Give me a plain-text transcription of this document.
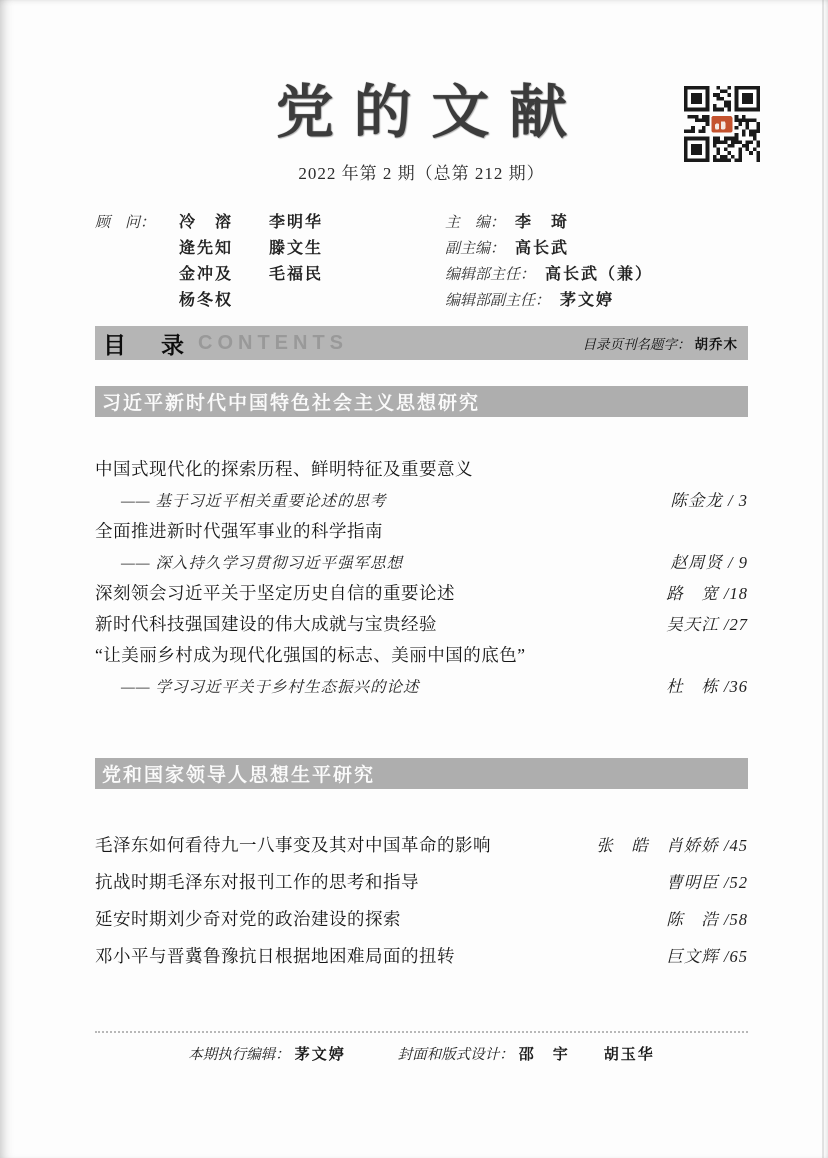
党的文献
2022 年第 2 期（总第 212 期）
顾　问：	冷　溶	李明华
逄先知	滕文生
金冲及	毛福民
杨冬权
主　编： 李　琦
副主编： 高长武
编辑部主任： 高长武（兼）
编辑部副主任： 茅文婷
目　录 CONTENTS	目录页刊名题字： 胡乔木
习近平新时代中国特色社会主义思想研究
中国式现代化的探索历程、鲜明特征及重要意义
—— 基于习近平相关重要论述的思考	陈金龙 / 3
全面推进新时代强军事业的科学指南
—— 深入持久学习贯彻习近平强军思想	赵周贤 / 9
深刻领会习近平关于坚定历史自信的重要论述	路　宽 /18
新时代科技强国建设的伟大成就与宝贵经验	吴天江 /27
“让美丽乡村成为现代化强国的标志、美丽中国的底色”
—— 学习习近平关于乡村生态振兴的论述	杜　栋 /36
党和国家领导人思想生平研究
毛泽东如何看待九一八事变及其对中国革命的影响	张　皓　肖娇娇 /45
抗战时期毛泽东对报刊工作的思考和指导	曹明臣 /52
延安时期刘少奇对党的政治建设的探索	陈　浩 /58
邓小平与晋冀鲁豫抗日根据地困难局面的扭转	巨文辉 /65
本期执行编辑： 茅文婷	封面和版式设计： 邵　宇　　胡玉华
